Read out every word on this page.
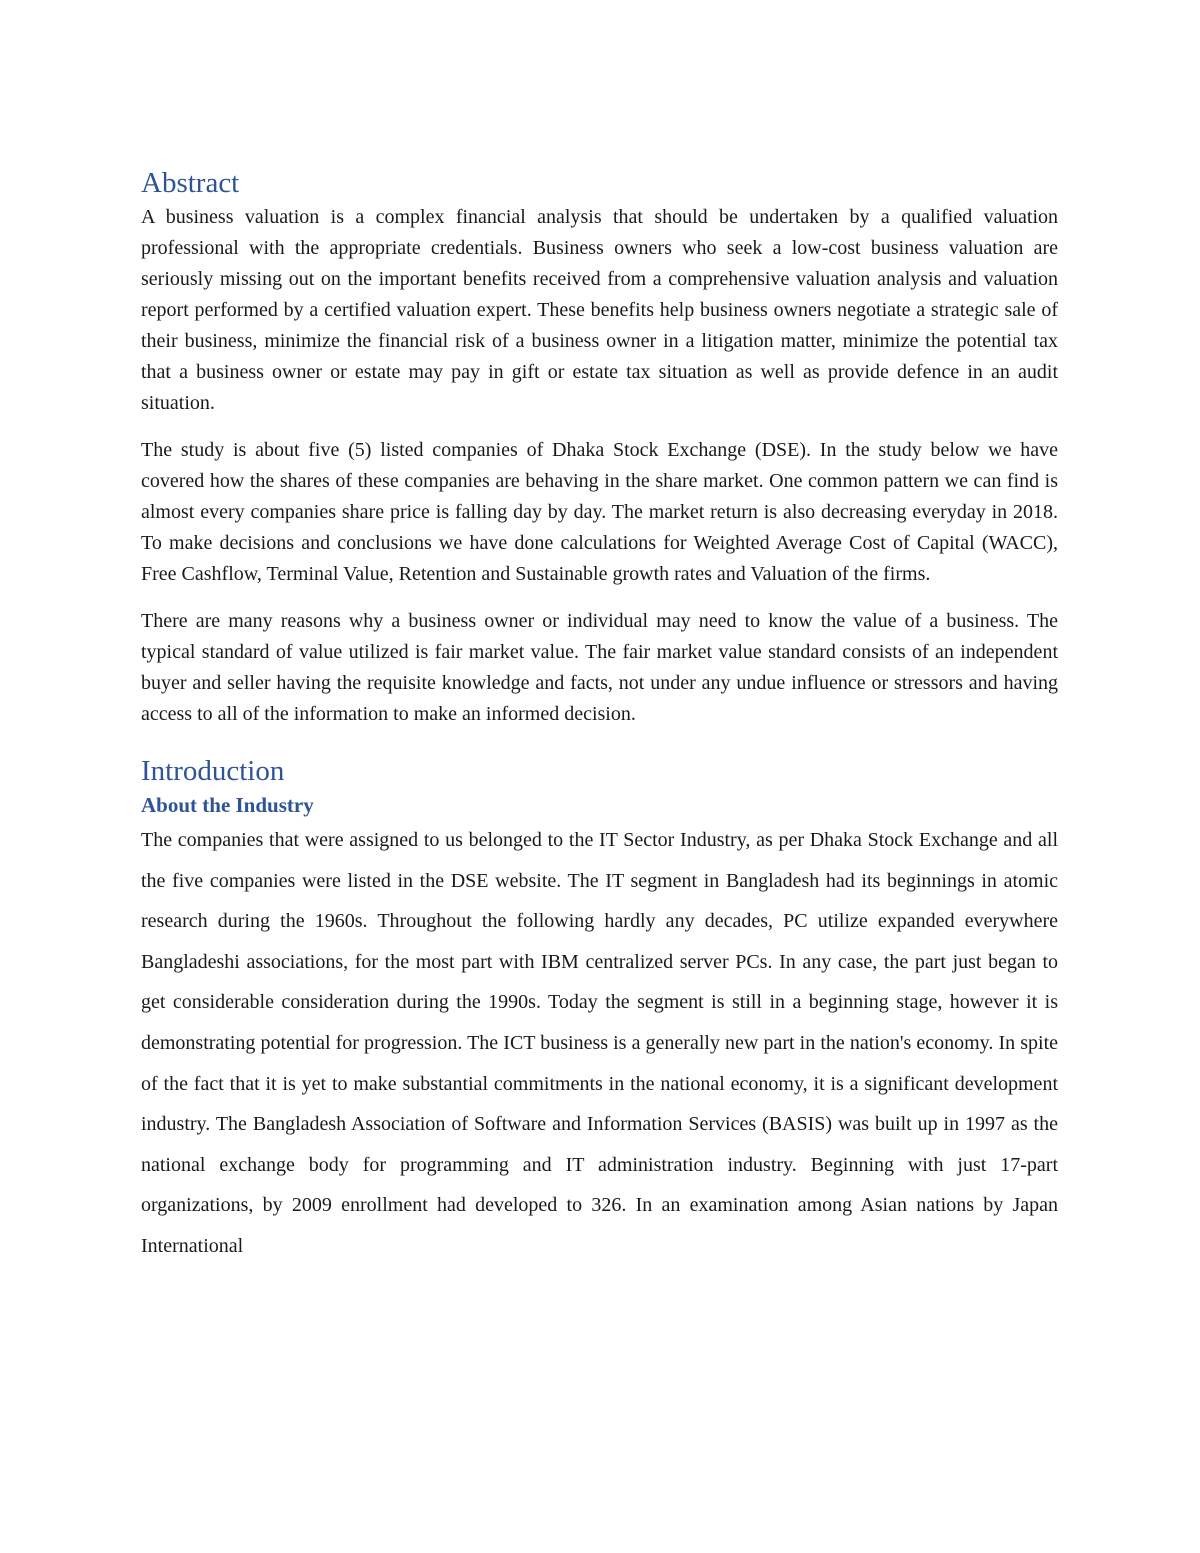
Abstract

A business valuation is a complex financial analysis that should be undertaken by a qualified valuation professional with the appropriate credentials. Business owners who seek a low-cost business valuation are seriously missing out on the important benefits received from a comprehensive valuation analysis and valuation report performed by a certified valuation expert. These benefits help business owners negotiate a strategic sale of their business, minimize the financial risk of a business owner in a litigation matter, minimize the potential tax that a business owner or estate may pay in gift or estate tax situation as well as provide defence in an audit situation.

The study is about five (5) listed companies of Dhaka Stock Exchange (DSE). In the study below we have covered how the shares of these companies are behaving in the share market. One common pattern we can find is almost every companies share price is falling day by day. The market return is also decreasing everyday in 2018. To make decisions and conclusions we have done calculations for Weighted Average Cost of Capital (WACC), Free Cashflow, Terminal Value, Retention and Sustainable growth rates and Valuation of the firms.

There are many reasons why a business owner or individual may need to know the value of a business. The typical standard of value utilized is fair market value. The fair market value standard consists of an independent buyer and seller having the requisite knowledge and facts, not under any undue influence or stressors and having access to all of the information to make an informed decision.

Introduction
About the Industry

The companies that were assigned to us belonged to the IT Sector Industry, as per Dhaka Stock Exchange and all the five companies were listed in the DSE website. The IT segment in Bangladesh had its beginnings in atomic research during the 1960s. Throughout the following hardly any decades, PC utilize expanded everywhere Bangladeshi associations, for the most part with IBM centralized server PCs. In any case, the part just began to get considerable consideration during the 1990s. Today the segment is still in a beginning stage, however it is demonstrating potential for progression. The ICT business is a generally new part in the nation's economy. In spite of the fact that it is yet to make substantial commitments in the national economy, it is a significant development industry. The Bangladesh Association of Software and Information Services (BASIS) was built up in 1997 as the national exchange body for programming and IT administration industry. Beginning with just 17-part organizations, by 2009 enrollment had developed to 326. In an examination among Asian nations by Japan International
